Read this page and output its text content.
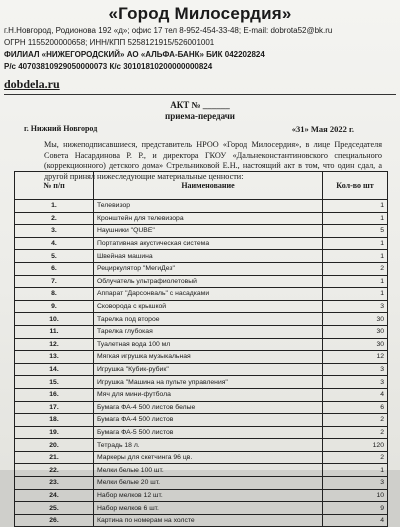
«Город Милосердия»
г.Н.Новгород, Родионова 192 «д»; офис 17 тел 8-952-454-33-48; E-mail: dobrota52@bk.ru
ОГРН 1155200000658; ИНН/КПП 5258121915/526001001
ФИЛИАЛ «НИЖЕГОРОДСКИЙ» АО «АЛЬФА-БАНК» БИК 042202824
Р/с 40703810929050000073 К/с 30101810200000000824
dobdela.ru
АКТ № ______
приема-передачи
г. Нижний Новгород	«31» Мая 2022 г.
Мы, нижеподписавшиеся, представитель НРОО «Город Милосердия», в лице Председателя Совета Насардинова Р. Р., и директора ГКОУ «Дальнеконстантиновского специального (коррекционного) детского дома» Стрельниковой Е.Н., настоящий акт в том, что один сдал, а другой принял нижеследующие материальные ценности:
№ п/п	Наименование	Кол-во шт
1.	Телевизор	1
2.	Кронштейн для телевизора	1
3.	Наушники "QUBE"	5
4.	Портативная акустическая система	1
5.	Швейная машина	1
6.	Рециркулятор "МегиДез"	2
7.	Облучатель ультрафиолетовый	1
8.	Аппарат "Дарсонваль" с насадками	1
9.	Сковорода с крышкой	3
10.	Тарелка под второе	30
11.	Тарелка глубокая	30
12.	Туалетная вода 100 мл	30
13.	Мягкая игрушка музыкальная	12
14.	Игрушка "Кубик-рубик"	3
15.	Игрушка "Машина на пульте управления"	3
16.	Мяч для мини-футбола	4
17.	Бумага ФА-4 500 листов белые	6
18.	Бумага ФА-4 500 листов	2
19.	Бумага ФА-5 500 листов	2
20.	Тетрадь 18 л.	120
21.	Маркеры для скетчинга 96 цв.	2
22.	Мелки белые 100 шт.	1
23.	Мелки белые 20 шт.	3
24.	Набор мелков 12 шт.	10
25.	Набор мелков 6 шт.	9
26.	Картина по номерам на холсте	4
